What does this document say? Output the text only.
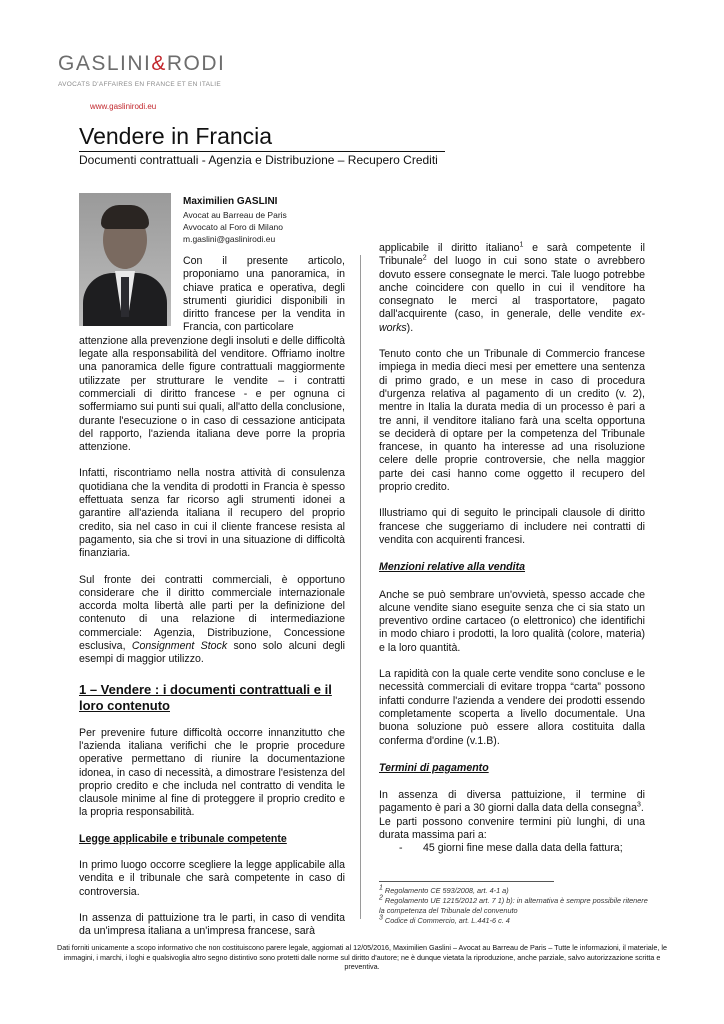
GASLINI&RODI
AVOCATS D'AFFAIRES EN FRANCE ET EN ITALIE
www.gaslinirodi.eu
Vendere in Francia
Documenti contrattuali - Agenzia e Distribuzione – Recupero Crediti
Maximilien GASLINI
Avocat au Barreau de Paris
Avvocato al Foro di Milano
m.gaslini@gaslinirodi.eu

Con il presente articolo, proponiamo una panoramica, in chiave pratica e operativa, degli strumenti giuridici disponibili in diritto francese per la vendita in Francia, con particolare

attenzione alla prevenzione degli insoluti e delle difficoltà legate alla responsabilità del venditore. Offriamo inoltre una panoramica delle figure contrattuali maggiormente utilizzate per strutturare le vendite – i contratti commerciali di diritto francese - e per ognuna ci soffermiamo sui punti sui quali, all'atto della conclusione, durante l'esecuzione o in caso di cessazione anticipata del rapporto, l'azienda italiana deve porre la propria attenzione.

Infatti, riscontriamo nella nostra attività di consulenza quotidiana che la vendita di prodotti in Francia è spesso effettuata senza far ricorso agli strumenti idonei a garantire all'azienda italiana il recupero del proprio credito, sia nel caso in cui il cliente francese resista al pagamento, sia che si trovi in una situazione di difficoltà finanziaria.

Sul fronte dei contratti commerciali, è opportuno considerare che il diritto commerciale internazionale accorda molta libertà alle parti per la definizione del contenuto di una relazione di intermediazione commerciale: Agenzia, Distribuzione, Concessione esclusiva, Consignment Stock sono solo alcuni degli esempi di maggior utilizzo.

1 – Vendere : i documenti contrattuali e il loro contenuto

Per prevenire future difficoltà occorre innanzitutto che l'azienda italiana verifichi che le proprie procedure operative permettano di riunire la documentazione idonea, in caso di necessità, a dimostrare l'esistenza del proprio credito e che includa nel contratto di vendita le clausole minime al fine di proteggere il proprio credito e la propria responsabilità.

Legge applicabile e tribunale competente

In primo luogo occorre scegliere la legge applicabile alla vendita e il tribunale che sarà competente in caso di controversia.

In assenza di pattuizione tra le parti, in caso di vendita da un'impresa italiana a un'impresa francese, sarà

applicabile il diritto italiano$^1$ e sarà competente il Tribunale$^2$ del luogo in cui sono state o avrebbero dovuto essere consegnate le merci. Tale luogo potrebbe anche coincidere con quello in cui il venditore ha consegnato le merci al trasportatore, pagato dall'acquirente (caso, in generale, delle vendite ex-works).

Tenuto conto che un Tribunale di Commercio francese impiega in media dieci mesi per emettere una sentenza di primo grado, e un mese in caso di procedura d'urgenza relativa al pagamento di un credito (v. 2), mentre in Italia la durata media di un processo è pari a tre anni, il venditore italiano farà una scelta opportuna se deciderà di optare per la competenza del Tribunale francese, in quanto ha interesse ad una risoluzione celere delle proprie controversie, che nella maggior parte dei casi hanno come oggetto il recupero del proprio credito.

Illustriamo qui di seguito le principali clausole di diritto francese che suggeriamo di includere nei contratti di vendita con acquirenti francesi.

Menzioni relative alla vendita

Anche se può sembrare un'ovvietà, spesso accade che alcune vendite siano eseguite senza che ci sia stato un preventivo ordine cartaceo (o elettronico) che identifichi in modo chiaro i prodotti, la loro qualità (colore, materia) e la loro quantità.

La rapidità con la quale certe vendite sono concluse e le necessità commerciali di evitare troppa “carta” possono infatti condurre l'azienda a vendere dei prodotti essendo completamente scoperta a livello documentale. Una buona soluzione può essere allora costituita dalla conferma d'ordine (v.1.B).

Termini di pagamento

In assenza di diversa pattuizione, il termine di pagamento è pari a 30 giorni dalla data della consegna$^3$.

Le parti possono convenire termini più lunghi, di una durata massima pari a:

-	45 giorni fine mese dalla data della fattura;
$^1$ Regolamento CE 593/2008, art. 4-1 a)
$^2$ Regolamento UE 1215/2012 art. 7 1) b): in alternativa è sempre possibile ritenere la competenza del Tribunale del convenuto
$^3$ Codice di Commercio, art. L.441-6 c. 4
Dati forniti unicamente a scopo informativo che non costituiscono parere legale, aggiornati al 12/05/2016, Maximilien Gaslini – Avocat au Barreau de Paris – Tutte le informazioni, il materiale, le immagini, i marchi, i loghi e qualsivoglia altro segno distintivo sono protetti dalle norme sul diritto d'autore; ne è dunque vietata la riproduzione, anche parziale, salvo autorizzazione scritta e preventiva.
